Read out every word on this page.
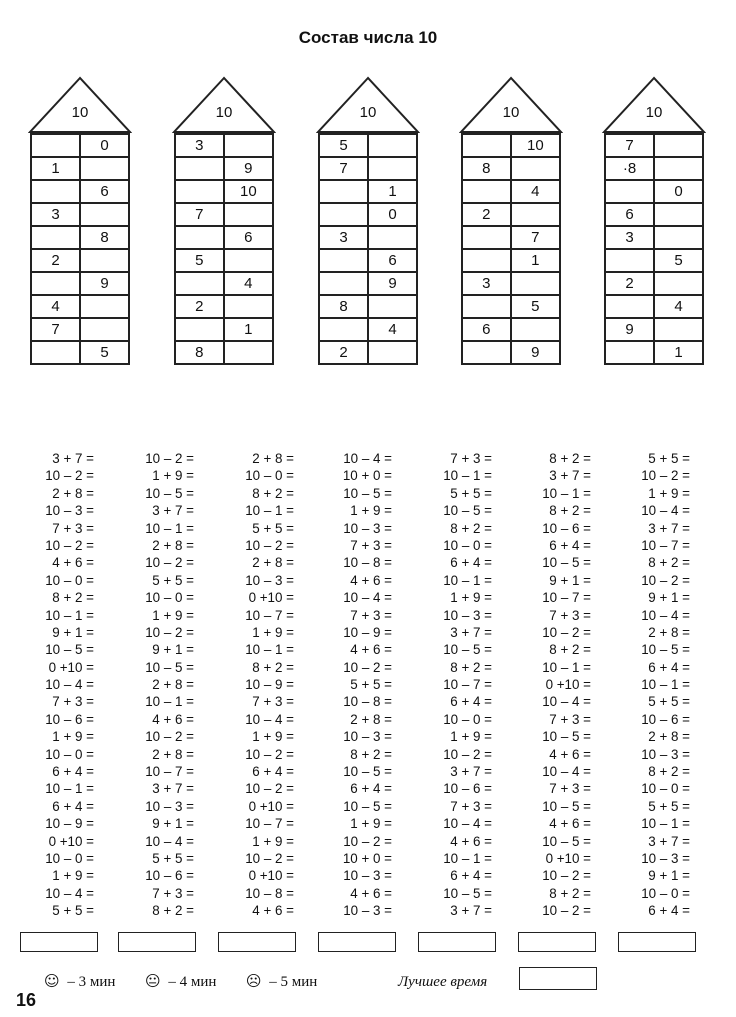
Состав числа 10
10
	0
1	
	6
3	
	8
2	
	9
4	
7	
	5
10
3	
	9
	10
7	
	6
5	
	4
2	
	1
8	
10
5	
7	
	1
	0
3	
	6
	9
8	
	4
2	
10
	10
8	
	4
2	
	7
	1
3	
	5
6	
	9
10
7	
·8	
	0
6	
3	
	5
2	
	4
9	
	1
3 + 7 =
10 – 2 =
2 + 8 =
10 – 3 =
7 + 3 =
10 – 2 =
4 + 6 =
10 – 0 =
8 + 2 =
10 – 1 =
9 + 1 =
10 – 5 =
0 +10 =
10 – 4 =
7 + 3 =
10 – 6 =
1 + 9 =
10 – 0 =
6 + 4 =
10 – 1 =
6 + 4 =
10 – 9 =
0 +10 =
10 – 0 =
1 + 9 =
10 – 4 =
5 + 5 =
10 – 2 =
1 + 9 =
10 – 5 =
3 + 7 =
10 – 1 =
2 + 8 =
10 – 2 =
5 + 5 =
10 – 0 =
1 + 9 =
10 – 2 =
9 + 1 =
10 – 5 =
2 + 8 =
10 – 1 =
4 + 6 =
10 – 2 =
2 + 8 =
10 – 7 =
3 + 7 =
10 – 3 =
9 + 1 =
10 – 4 =
5 + 5 =
10 – 6 =
7 + 3 =
8 + 2 =
2 + 8 =
10 – 0 =
8 + 2 =
10 – 1 =
5 + 5 =
10 – 2 =
2 + 8 =
10 – 3 =
0 +10 =
10 – 7 =
1 + 9 =
10 – 1 =
8 + 2 =
10 – 9 =
7 + 3 =
10 – 4 =
1 + 9 =
10 – 2 =
6 + 4 =
10 – 2 =
0 +10 =
10 – 7 =
1 + 9 =
10 – 2 =
0 +10 =
10 – 8 =
4 + 6 =
10 – 4 =
10 + 0 =
10 – 5 =
1 + 9 =
10 – 3 =
7 + 3 =
10 – 8 =
4 + 6 =
10 – 4 =
7 + 3 =
10 – 9 =
4 + 6 =
10 – 2 =
5 + 5 =
10 – 8 =
2 + 8 =
10 – 3 =
8 + 2 =
10 – 5 =
6 + 4 =
10 – 5 =
1 + 9 =
10 – 2 =
10 + 0 =
10 – 3 =
4 + 6 =
10 – 3 =
7 + 3 =
10 – 1 =
5 + 5 =
10 – 5 =
8 + 2 =
10 – 0 =
6 + 4 =
10 – 1 =
1 + 9 =
10 – 3 =
3 + 7 =
10 – 5 =
8 + 2 =
10 – 7 =
6 + 4 =
10 – 0 =
1 + 9 =
10 – 2 =
3 + 7 =
10 – 6 =
7 + 3 =
10 – 4 =
4 + 6 =
10 – 1 =
6 + 4 =
10 – 5 =
3 + 7 =
8 + 2 =
3 + 7 =
10 – 1 =
8 + 2 =
10 – 6 =
6 + 4 =
10 – 5 =
9 + 1 =
10 – 7 =
7 + 3 =
10 – 2 =
8 + 2 =
10 – 1 =
0 +10 =
10 – 4 =
7 + 3 =
10 – 5 =
4 + 6 =
10 – 4 =
7 + 3 =
10 – 5 =
4 + 6 =
10 – 5 =
0 +10 =
10 – 2 =
8 + 2 =
10 – 2 =
5 + 5 =
10 – 2 =
1 + 9 =
10 – 4 =
3 + 7 =
10 – 7 =
8 + 2 =
10 – 2 =
9 + 1 =
10 – 4 =
2 + 8 =
10 – 5 =
6 + 4 =
10 – 1 =
5 + 5 =
10 – 6 =
2 + 8 =
10 – 3 =
8 + 2 =
10 – 0 =
5 + 5 =
10 – 1 =
3 + 7 =
10 – 3 =
9 + 1 =
10 – 0 =
6 + 4 =
☺ – 3 мин 😐 – 4 мин ☹ – 5 мин	Лучшее время
16
